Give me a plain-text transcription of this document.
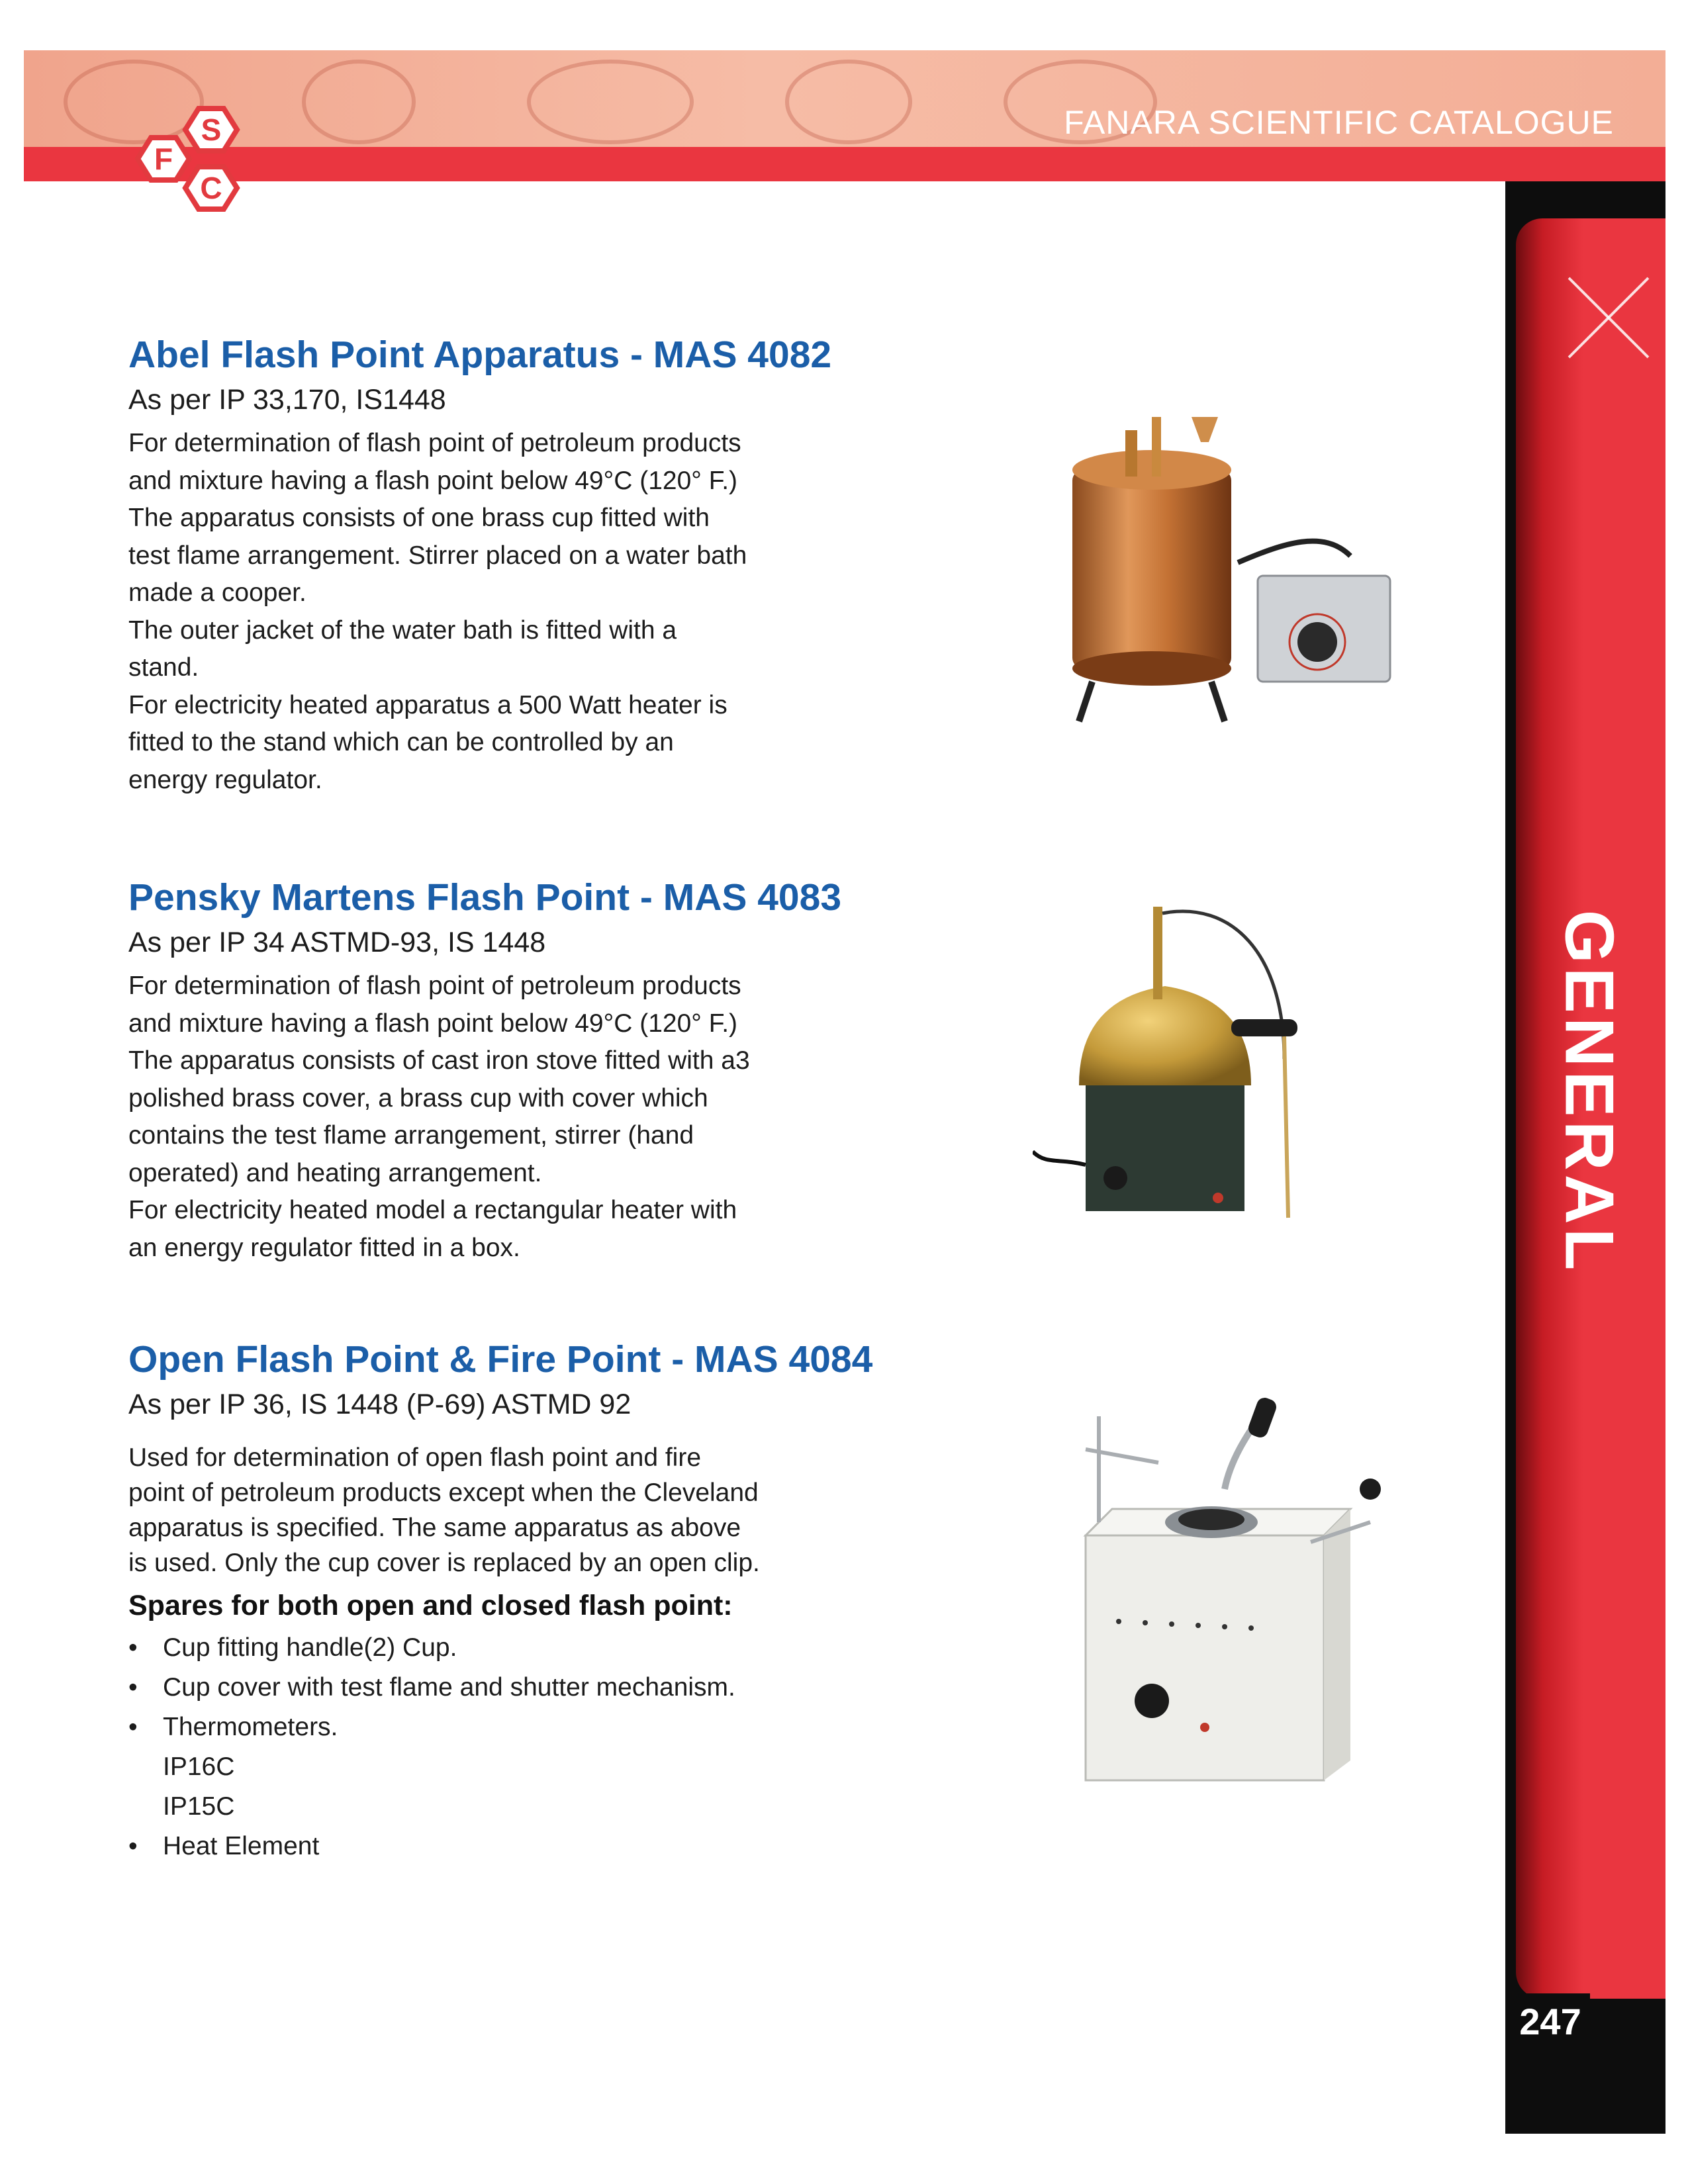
FANARA SCIENTIFIC CATALOGUE
F
S
C
GENERAL
247
Abel Flash Point Apparatus - MAS 4082
As per IP 33,170, IS1448
For determination of flash point of petroleum products
and mixture having a flash point below 49°C (120° F.)
The apparatus consists of one brass cup fitted with
test flame arrangement. Stirrer placed on a water bath
made a cooper.
The outer jacket of the water bath is fitted with a
stand.
For electricity heated apparatus a 500 Watt heater is
fitted to the stand which can be controlled by an
energy regulator.
Pensky Martens Flash Point - MAS 4083
As per IP 34 ASTMD-93, IS 1448
For determination of flash point of petroleum products
and mixture having a flash point below 49°C (120° F.)
The apparatus consists of cast iron stove fitted with a3
polished brass cover, a brass cup with cover which
contains the test flame arrangement, stirrer (hand
operated) and heating arrangement.
For electricity heated model a rectangular heater with
an energy regulator fitted in a box.
Open Flash Point & Fire Point - MAS 4084
As per IP 36, IS 1448 (P-69) ASTMD 92
Used for determination of open flash point and fire
point of petroleum products except when the Cleveland
apparatus is specified. The same apparatus as above
is used. Only the cup cover is replaced by an open clip.
Spares for both open and closed flash point:
• Cup fitting handle(2) Cup.
• Cup cover with test flame and shutter mechanism.
• Thermometers.
IP16C
IP15C
• Heat Element
